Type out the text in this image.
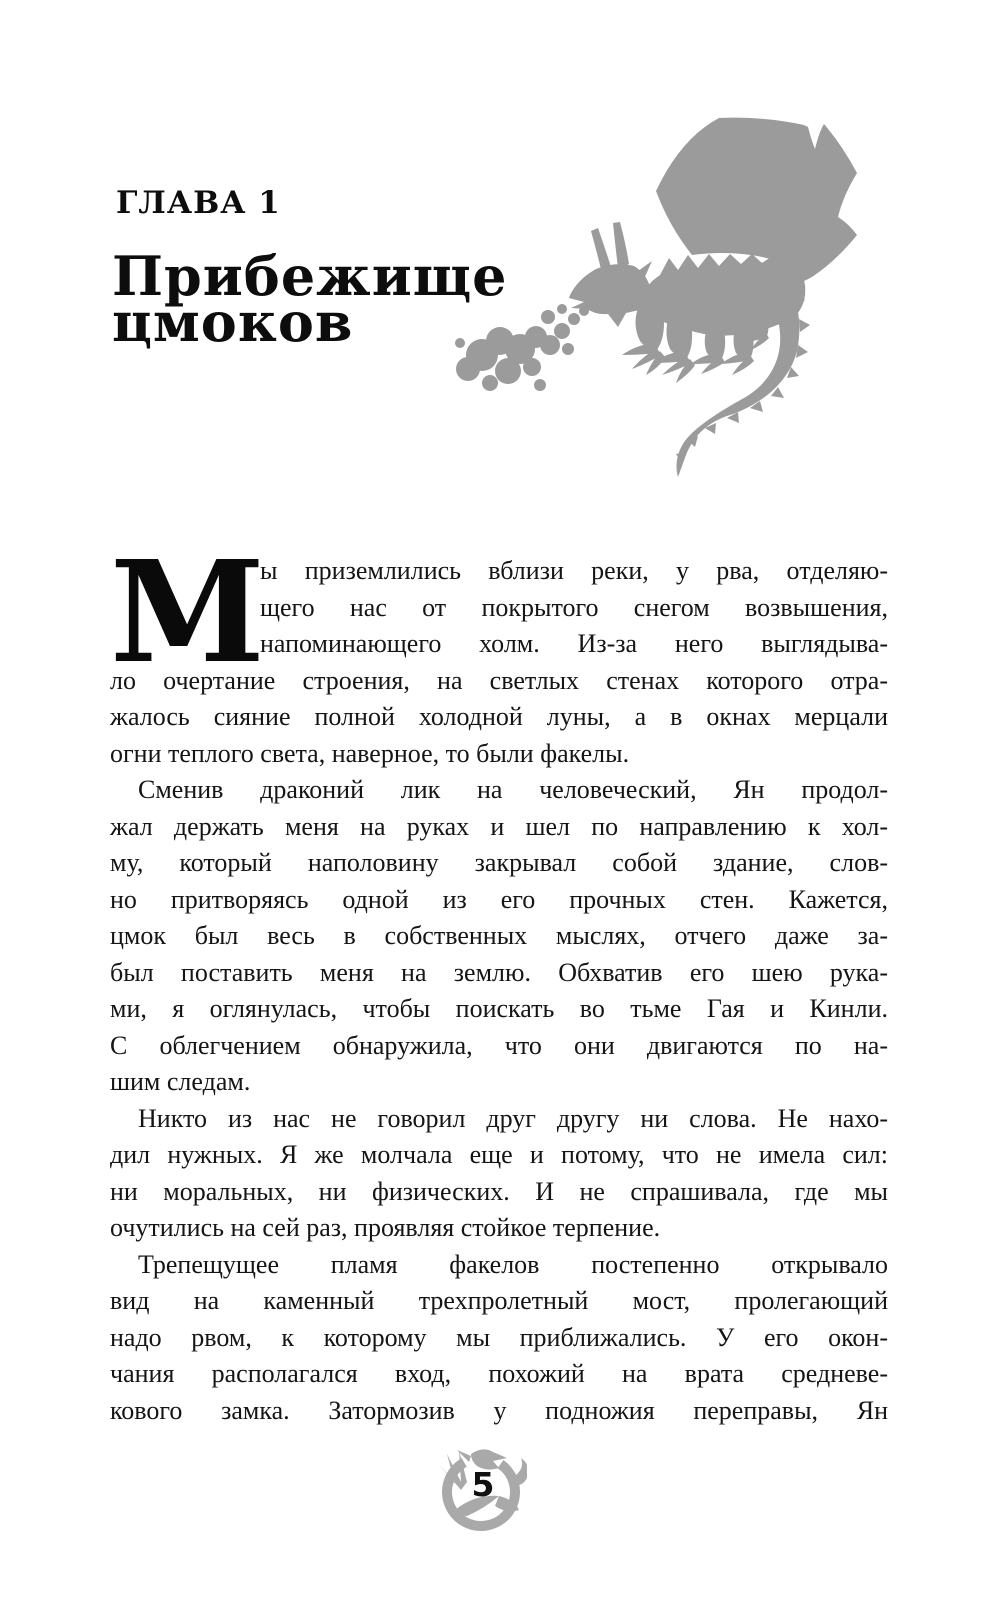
ГЛАВА 1
Прибежище
цмоков
М
ы приземлились вблизи реки, у рва, отделяю-
щего нас от покрытого снегом возвышения,
напоминающего холм. Из-за него выглядыва-
ло очертание строения, на светлых стенах которого отра-
жалось сияние полной холодной луны, а в окнах мерцали
огни теплого света, наверное, то были факелы.
Сменив драконий лик на человеческий, Ян продол-
жал держать меня на руках и шел по направлению к хол-
му, который наполовину закрывал собой здание, слов-
но притворяясь одной из его прочных стен. Кажется,
цмок был весь в собственных мыслях, отчего даже за-
был поставить меня на землю. Обхватив его шею рука-
ми, я оглянулась, чтобы поискать во тьме Гая и Кинли.
С облегчением обнаружила, что они двигаются по на-
шим следам.
Никто из нас не говорил друг другу ни слова. Не нахо-
дил нужных. Я же молчала еще и потому, что не имела сил:
ни моральных, ни физических. И не спрашивала, где мы
очутились на сей раз, проявляя стойкое терпение.
Трепещущее пламя факелов постепенно открывало
вид на каменный трехпролетный мост, пролегающий
надо рвом, к которому мы приближались. У его окон-
чания располагался вход, похожий на врата средневе-
кового замка. Затормозив у подножия переправы, Ян
5
